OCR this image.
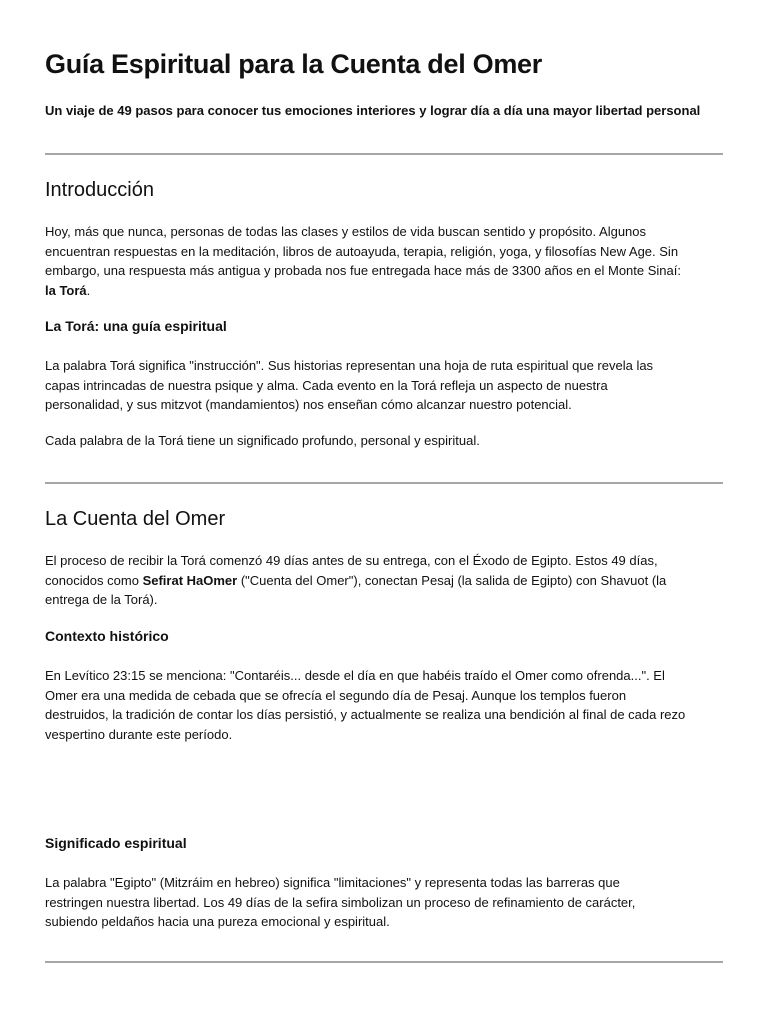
Guía Espiritual para la Cuenta del Omer
Un viaje de 49 pasos para conocer tus emociones interiores y lograr día a día una mayor libertad personal
Introducción

Hoy, más que nunca, personas de todas las clases y estilos de vida buscan sentido y propósito. Algunos
encuentran respuestas en la meditación, libros de autoayuda, terapia, religión, yoga, y filosofías New Age. Sin
embargo, una respuesta más antigua y probada nos fue entregada hace más de 3300 años en el Monte Sinaí:
la Torá.

La Torá: una guía espiritual

La palabra Torá significa "instrucción". Sus historias representan una hoja de ruta espiritual que revela las
capas intrincadas de nuestra psique y alma. Cada evento en la Torá refleja un aspecto de nuestra
personalidad, y sus mitzvot (mandamientos) nos enseñan cómo alcanzar nuestro potencial.

Cada palabra de la Torá tiene un significado profundo, personal y espiritual.

La Cuenta del Omer

El proceso de recibir la Torá comenzó 49 días antes de su entrega, con el Éxodo de Egipto. Estos 49 días,
conocidos como Sefirat HaOmer ("Cuenta del Omer"), conectan Pesaj (la salida de Egipto) con Shavuot (la
entrega de la Torá).

Contexto histórico

En Levítico 23:15 se menciona: "Contaréis... desde el día en que habéis traído el Omer como ofrenda...". El
Omer era una medida de cebada que se ofrecía el segundo día de Pesaj. Aunque los templos fueron
destruidos, la tradición de contar los días persistió, y actualmente se realiza una bendición al final de cada rezo
vespertino durante este período.

Significado espiritual

La palabra "Egipto" (Mitzráim en hebreo) significa "limitaciones" y representa todas las barreras que
restringen nuestra libertad. Los 49 días de la sefira simbolizan un proceso de refinamiento de carácter,
subiendo peldaños hacia una pureza emocional y espiritual.
